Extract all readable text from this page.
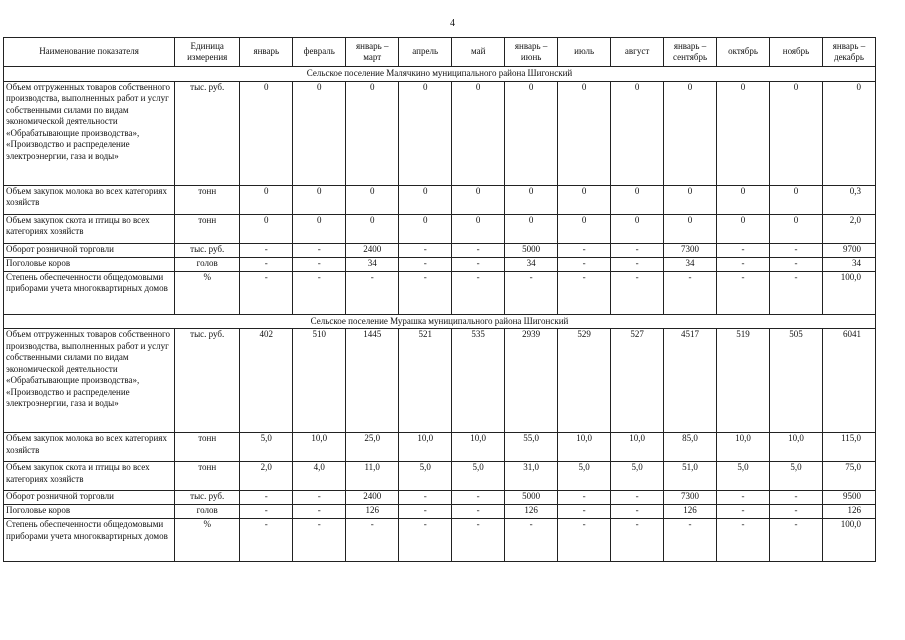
4
Наименование показателя	Единица измерения	январь	февраль	январь – март	апрель	май	январь – июнь	июль	август	январь – сентябрь	октябрь	ноябрь	январь – декабрь
Сельское поселение Малячкино муниципального района Шигонский													
Объем отгруженных товаров собственного производства, выполненных работ и услуг собственными силами по видам экономической деятельности «Обрабатывающие производства», «Производство и распределение электроэнергии, газа и воды»	тыс. руб.	0	0	0	0	0	0	0	0	0	0	0	0
Объем закупок молока во всех категориях хозяйств	тонн	0	0	0	0	0	0	0	0	0	0	0	0,3
Объем закупок скота и птицы во всех категориях хозяйств	тонн	0	0	0	0	0	0	0	0	0	0	0	2,0
Оборот розничной торговли	тыс. руб.	-	-	2400	-	-	5000	-	-	7300	-	-	9700
Поголовье коров	голов	-	-	34	-	-	34	-	-	34	-	-	34
Степень обеспеченности общедомовыми приборами учета многоквартирных домов	%	-	-	-	-	-	-	-	-	-	-	-	100,0
Сельское поселение Мурашка муниципального района Шигонский													
Объем отгруженных товаров собственного производства, выполненных работ и услуг собственными силами по видам экономической деятельности «Обрабатывающие производства», «Производство и распределение электроэнергии, газа и воды»	тыс. руб.	402	510	1445	521	535	2939	529	527	4517	519	505	6041
Объем закупок молока во всех категориях хозяйств	тонн	5,0	10,0	25,0	10,0	10,0	55,0	10,0	10,0	85,0	10,0	10,0	115,0
Объем закупок скота и птицы во всех категориях хозяйств	тонн	2,0	4,0	11,0	5,0	5,0	31,0	5,0	5,0	51,0	5,0	5,0	75,0
Оборот розничной торговли	тыс. руб.	-	-	2400	-	-	5000	-	-	7300	-	-	9500
Поголовье коров	голов	-	-	126	-	-	126	-	-	126	-	-	126
Степень обеспеченности общедомовыми приборами учета многоквартирных домов	%	-	-	-	-	-	-	-	-	-	-	-	100,0
